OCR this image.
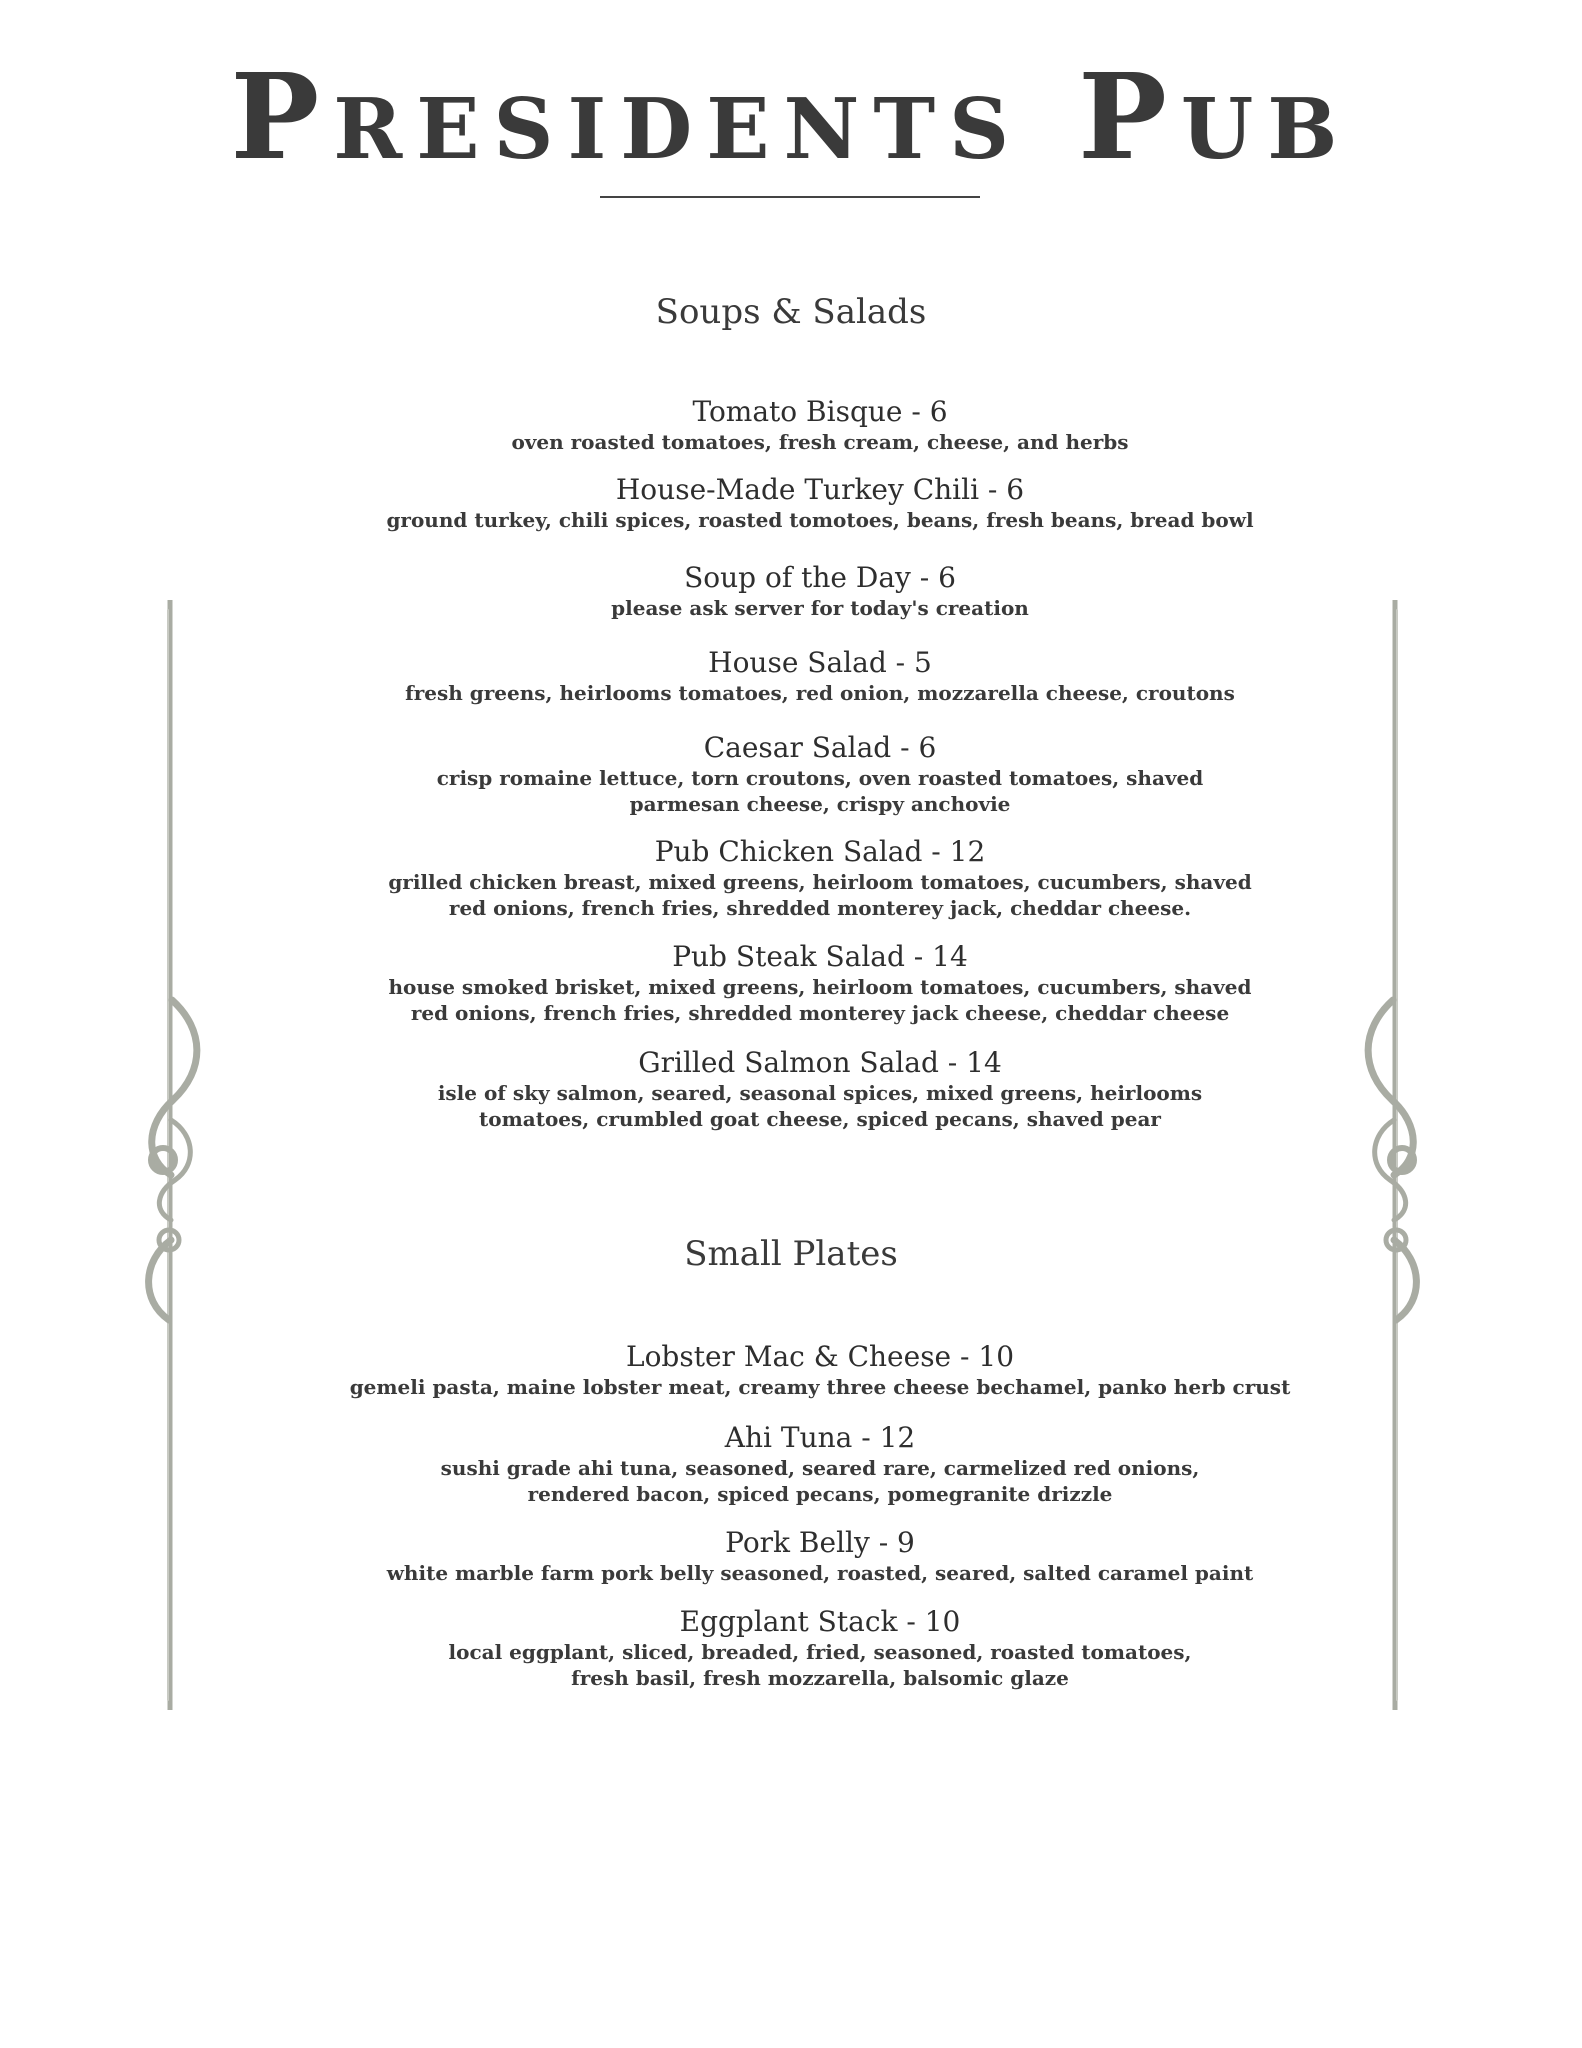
Presidents Pub
Soups & Salads
Tomato Bisque - 6
oven roasted tomatoes, fresh cream, cheese, and herbs
House-Made Turkey Chili - 6
ground turkey, chili spices, roasted tomotoes, beans, fresh beans, bread bowl
Soup of the Day - 6
please ask server for today's creation
House Salad - 5
fresh greens, heirlooms tomatoes, red onion, mozzarella cheese, croutons
Caesar Salad - 6
crisp romaine lettuce, torn croutons, oven roasted tomatoes, shaved parmesan cheese, crispy anchovie
Pub Chicken Salad - 12
grilled chicken breast, mixed greens, heirloom tomatoes, cucumbers, shaved red onions, french fries, shredded monterey jack, cheddar cheese.
Pub Steak Salad - 14
house smoked brisket, mixed greens, heirloom tomatoes, cucumbers, shaved red onions, french fries, shredded monterey jack cheese, cheddar cheese
Grilled Salmon Salad - 14
isle of sky salmon, seared, seasonal spices, mixed greens, heirlooms tomatoes, crumbled goat cheese, spiced pecans, shaved pear
Small Plates
Lobster Mac & Cheese - 10
gemeli pasta, maine lobster meat, creamy three cheese bechamel, panko herb crust
Ahi Tuna - 12
sushi grade ahi tuna, seasoned, seared rare, carmelized red onions, rendered bacon, spiced pecans, pomegranite drizzle
Pork Belly - 9
white marble farm pork belly seasoned, roasted, seared, salted caramel paint
Eggplant Stack - 10
local eggplant, sliced, breaded, fried, seasoned, roasted tomatoes, fresh basil, fresh mozzarella, balsomic glaze
